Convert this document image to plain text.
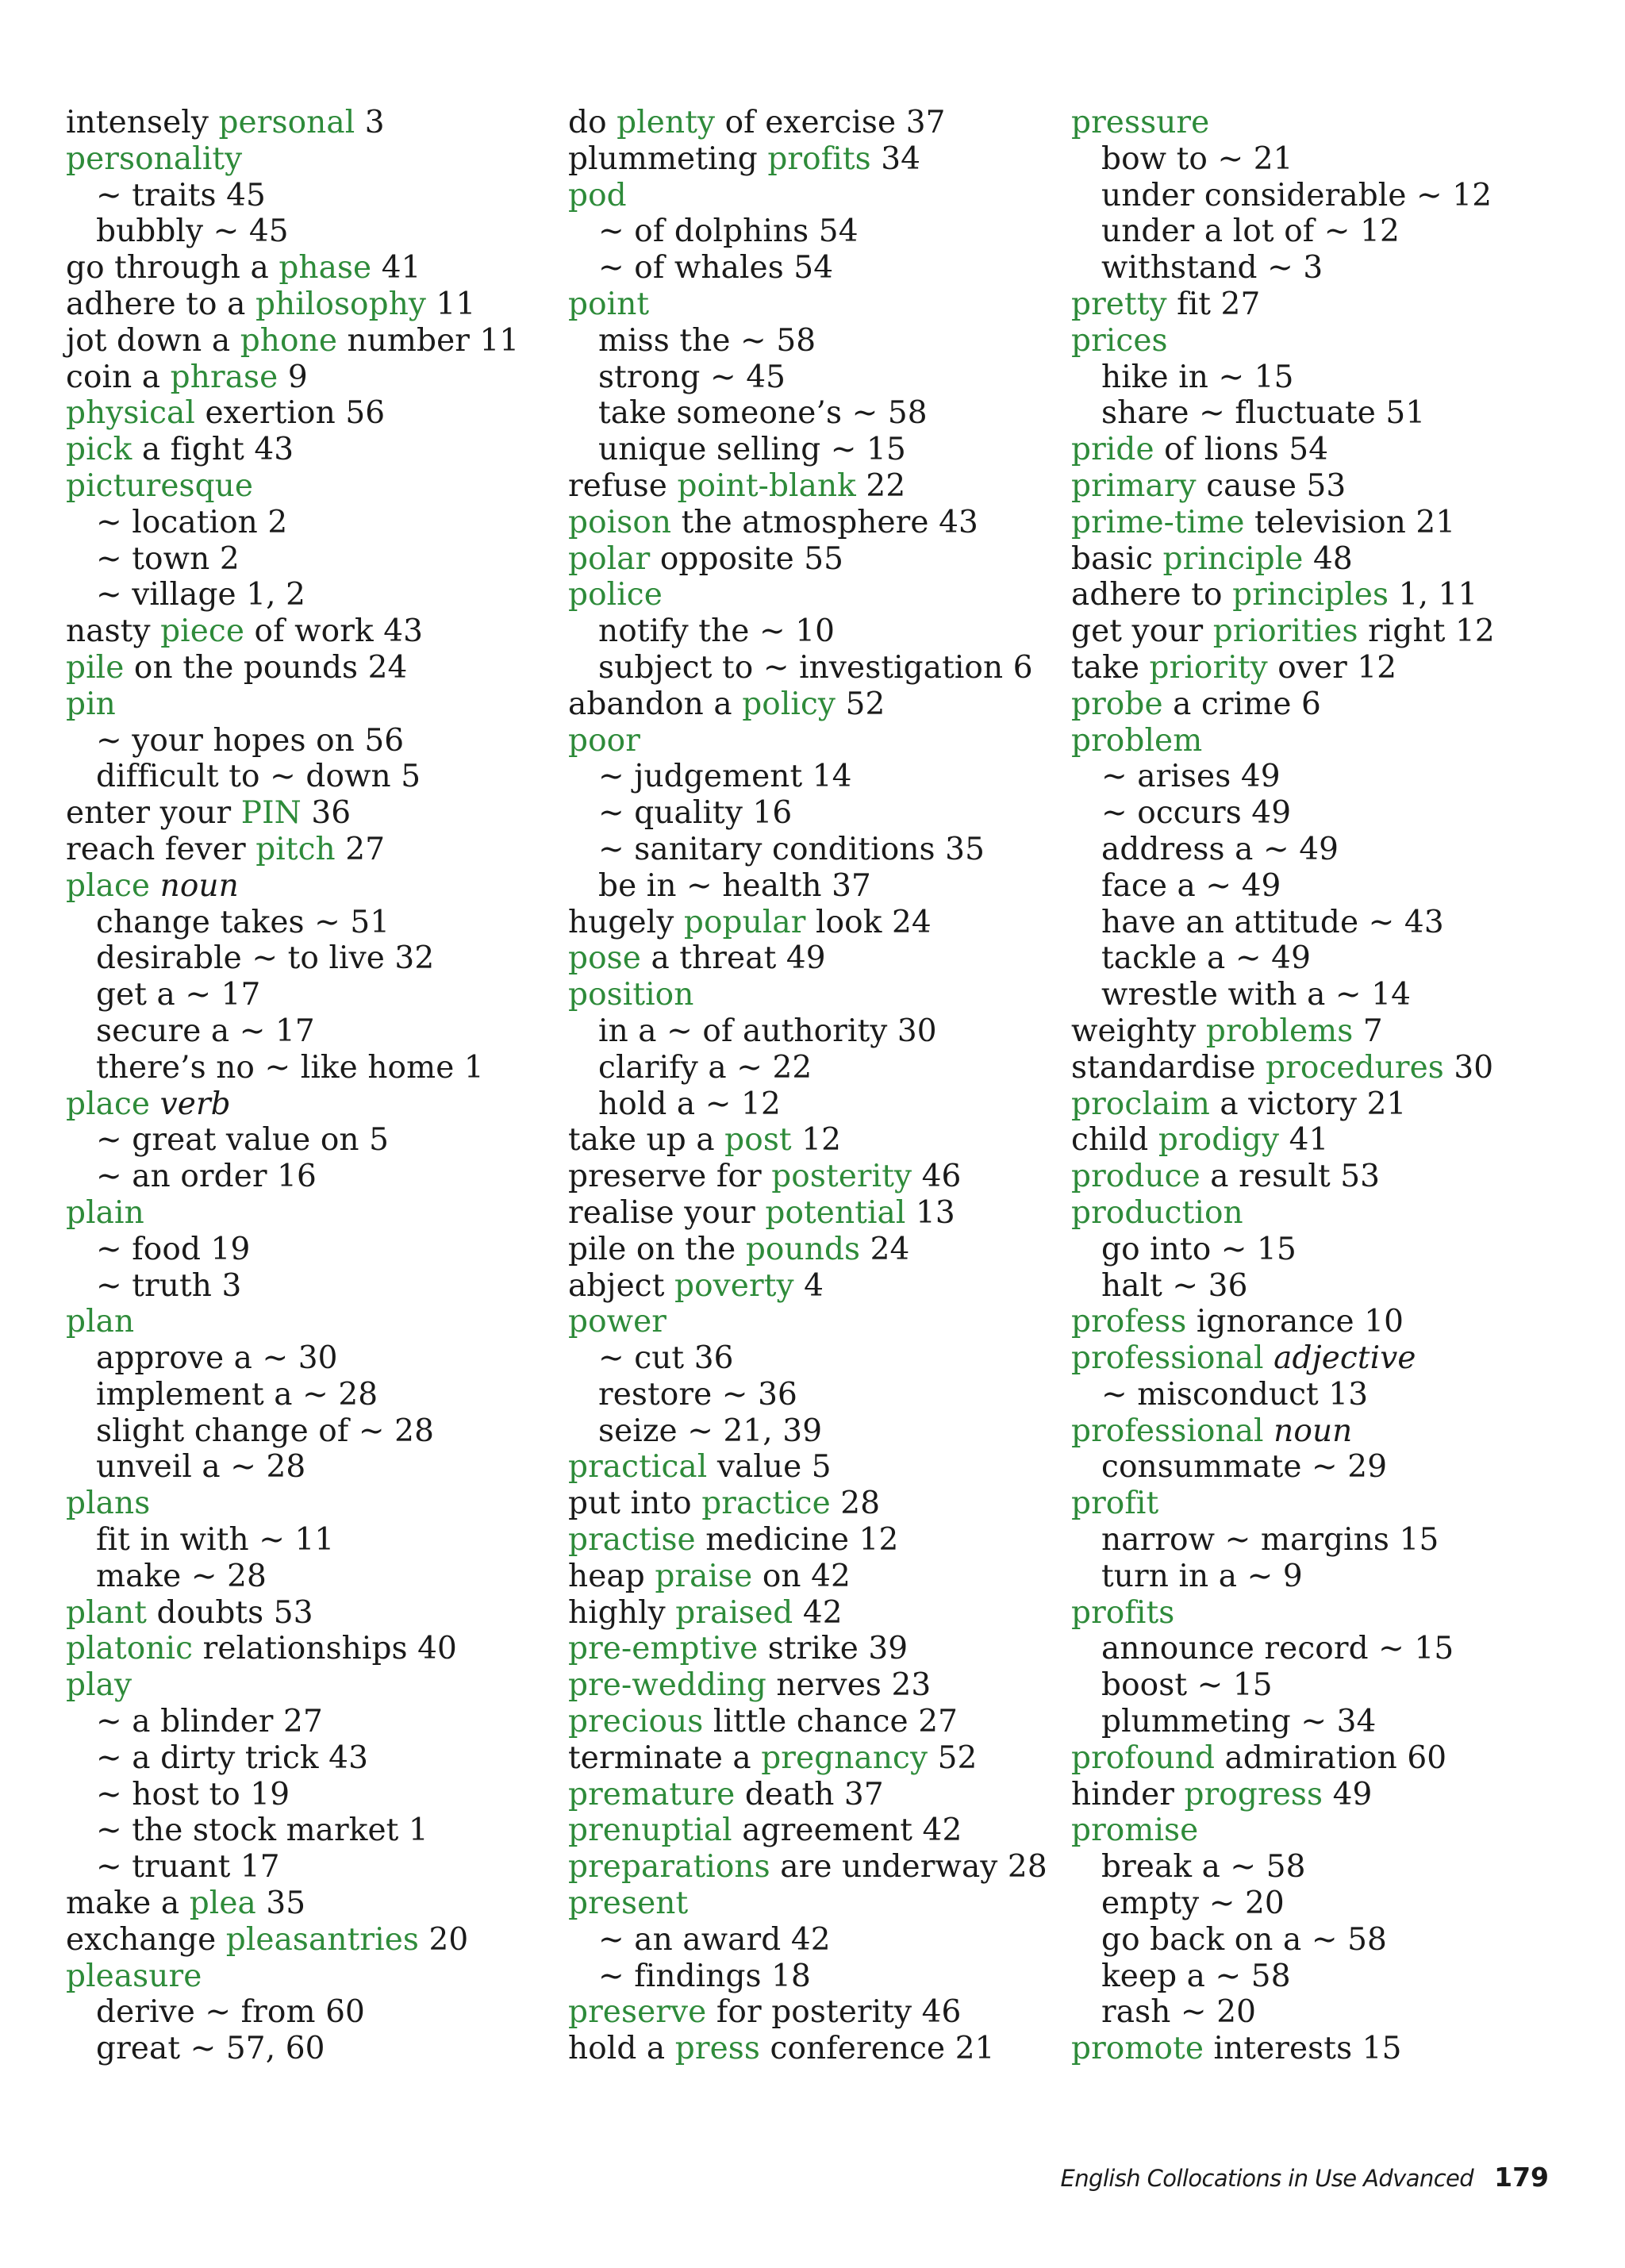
intensely personal 3
personality
~ traits 45
bubbly ~ 45
go through a phase 41
adhere to a philosophy 11
jot down a phone number 11
coin a phrase 9
physical exertion 56
pick a fight 43
picturesque
~ location 2
~ town 2
~ village 1, 2
nasty piece of work 43
pile on the pounds 24
pin
~ your hopes on 56
difficult to ~ down 5
enter your PIN 36
reach fever pitch 27
place noun
change takes ~ 51
desirable ~ to live 32
get a ~ 17
secure a ~ 17
there’s no ~ like home 1
place verb
~ great value on 5
~ an order 16
plain
~ food 19
~ truth 3
plan
approve a ~ 30
implement a ~ 28
slight change of ~ 28
unveil a ~ 28
plans
fit in with ~ 11
make ~ 28
plant doubts 53
platonic relationships 40
play
~ a blinder 27
~ a dirty trick 43
~ host to 19
~ the stock market 1
~ truant 17
make a plea 35
exchange pleasantries 20
pleasure
derive ~ from 60
great ~ 57, 60
do plenty of exercise 37
plummeting profits 34
pod
~ of dolphins 54
~ of whales 54
point
miss the ~ 58
strong ~ 45
take someone’s ~ 58
unique selling ~ 15
refuse point-blank 22
poison the atmosphere 43
polar opposite 55
police
notify the ~ 10
subject to ~ investigation 6
abandon a policy 52
poor
~ judgement 14
~ quality 16
~ sanitary conditions 35
be in ~ health 37
hugely popular look 24
pose a threat 49
position
in a ~ of authority 30
clarify a ~ 22
hold a ~ 12
take up a post 12
preserve for posterity 46
realise your potential 13
pile on the pounds 24
abject poverty 4
power
~ cut 36
restore ~ 36
seize ~ 21, 39
practical value 5
put into practice 28
practise medicine 12
heap praise on 42
highly praised 42
pre-emptive strike 39
pre-wedding nerves 23
precious little chance 27
terminate a pregnancy 52
premature death 37
prenuptial agreement 42
preparations are underway 28
present
~ an award 42
~ findings 18
preserve for posterity 46
hold a press conference 21
pressure
bow to ~ 21
under considerable ~ 12
under a lot of ~ 12
withstand ~ 3
pretty fit 27
prices
hike in ~ 15
share ~ fluctuate 51
pride of lions 54
primary cause 53
prime-time television 21
basic principle 48
adhere to principles 1, 11
get your priorities right 12
take priority over 12
probe a crime 6
problem
~ arises 49
~ occurs 49
address a ~ 49
face a ~ 49
have an attitude ~ 43
tackle a ~ 49
wrestle with a ~ 14
weighty problems 7
standardise procedures 30
proclaim a victory 21
child prodigy 41
produce a result 53
production
go into ~ 15
halt ~ 36
profess ignorance 10
professional adjective
~ misconduct 13
professional noun
consummate ~ 29
profit
narrow ~ margins 15
turn in a ~ 9
profits
announce record ~ 15
boost ~ 15
plummeting ~ 34
profound admiration 60
hinder progress 49
promise
break a ~ 58
empty ~ 20
go back on a ~ 58
keep a ~ 58
rash ~ 20
promote interests 15
English Collocations in Use Advanced 179
